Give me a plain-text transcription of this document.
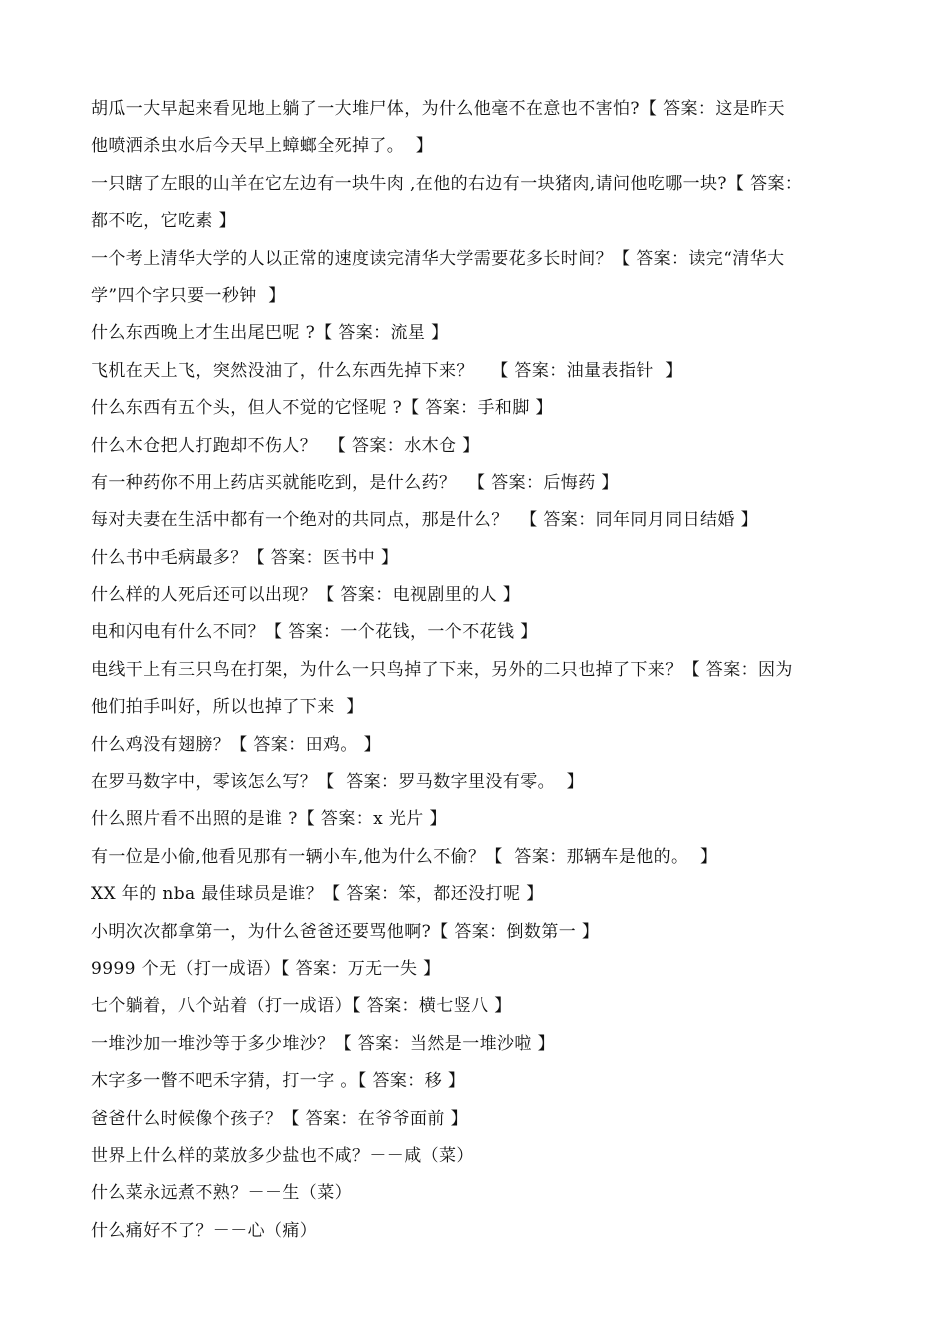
胡瓜一大早起来看见地上躺了一大堆尸体，为什么他毫不在意也不害怕?【 答案：这是昨天
他喷洒杀虫水后今天早上蟑螂全死掉了。  】
一只瞎了左眼的山羊在它左边有一块牛肉 ,在他的右边有一块猪肉,请问他吃哪一块?【 答案：
都不吃，它吃素 】
一个考上清华大学的人以正常的速度读完清华大学需要花多长时间？【 答案：读完“清华大
学”四个字只要一秒钟  】
什么东西晚上才生出尾巴呢 ?【 答案：流星 】
飞机在天上飞，突然没油了，什么东西先掉下来？   【 答案：油量表指针  】
什么东西有五个头，但人不觉的它怪呢 ?【 答案：手和脚 】
什么木仓把人打跑却不伤人？  【 答案：水木仓 】
有一种药你不用上药店买就能吃到，是什么药？  【 答案：后悔药 】
每对夫妻在生活中都有一个绝对的共同点，那是什么？  【 答案：同年同月同日结婚 】
什么书中毛病最多？【 答案：医书中 】
什么样的人死后还可以出现？【 答案：电视剧里的人 】
电和闪电有什么不同？【 答案：一个花钱，一个不花钱 】
电线干上有三只鸟在打架，为什么一只鸟掉了下来，另外的二只也掉了下来？【 答案：因为
他们拍手叫好，所以也掉了下来  】
什么鸡没有翅膀？【 答案：田鸡。 】
在罗马数字中，零该怎么写？【  答案：罗马数字里没有零。  】
什么照片看不出照的是谁 ?【 答案：x 光片 】
有一位是小偷,他看见那有一辆小车,他为什么不偷？【  答案：那辆车是他的。  】
XX 年的 nba 最佳球员是谁？【 答案：笨，都还没打呢 】
小明次次都拿第一，为什么爸爸还要骂他啊?【 答案：倒数第一 】
9999 个无（打一成语）【 答案：万无一失 】
七个躺着，八个站着（打一成语）【 答案：横七竖八 】
一堆沙加一堆沙等于多少堆沙？【 答案：当然是一堆沙啦 】
木字多一瞥不吧禾字猜，打一字 。【 答案：移 】
爸爸什么时候像个孩子？【 答案：在爷爷面前 】
世界上什么样的菜放多少盐也不咸？－－咸（菜）
什么菜永远煮不熟？－－生（菜）
什么痛好不了？－－心（痛）
